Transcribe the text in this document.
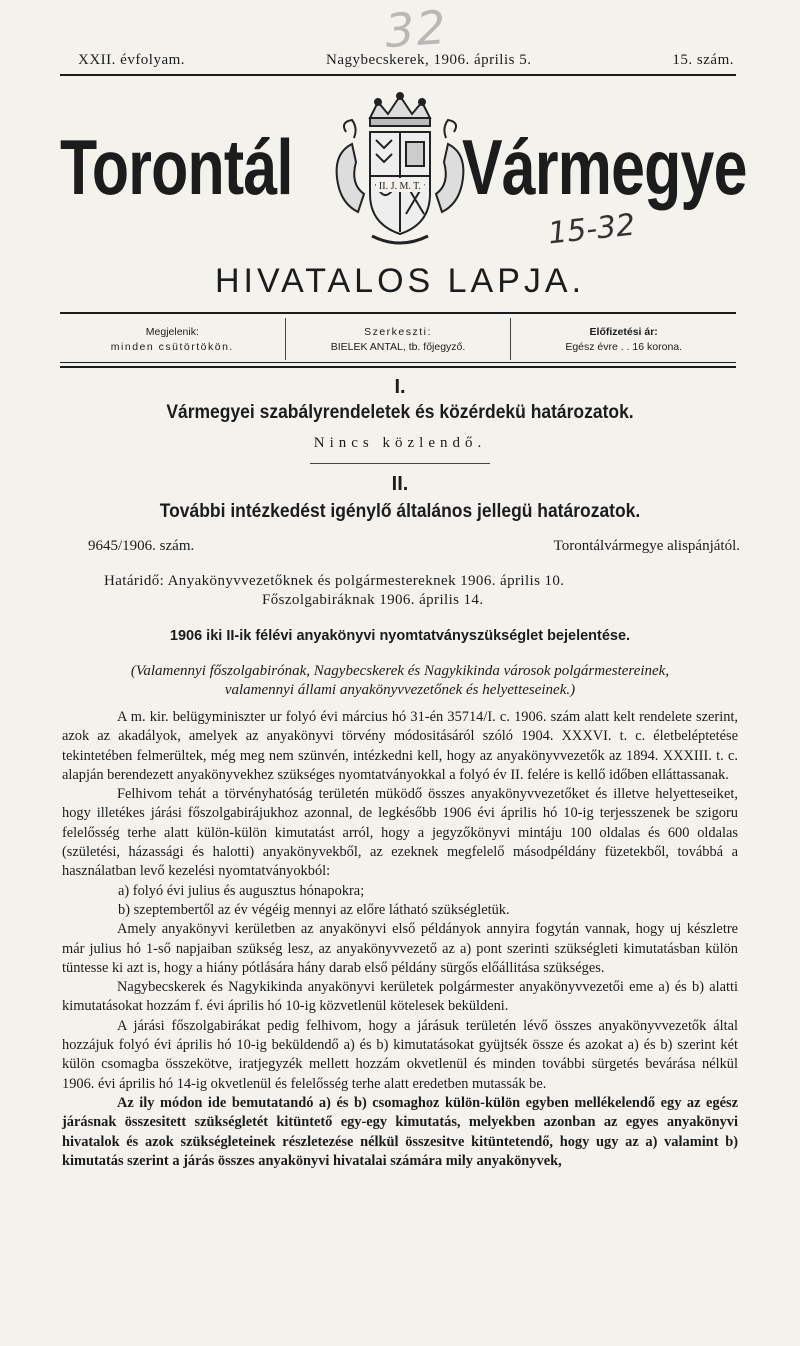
32
XXII. évfolyam.	Nagybecskerek, 1906. április 5.	15. szám.
Torontál	II. J. M. T. Vármegye
15-32
HIVATALOS LAPJA.
Megjelenik:
minden csütörtökön.
Szerkeszti:
BIELEK ANTAL, tb. főjegyző.
Előfizetési ár:
Egész évre . . 16 korona.
I.
Vármegyei szabályrendeletek és közérdekü határozatok.
Nincs közlendő.
II.
További intézkedést igénylő általános jellegü határozatok.
9645/1906. szám.	Torontálvármegye alispánjától.
Határidő: Anyakönyvvezetőknek és polgármestereknek 1906. április 10.
Főszolgabiráknak 1906. április 14.
1906 iki II-ik félévi anyakönyvi nyomtatványszükséglet bejelentése.
(Valamennyi főszolgabirónak, Nagybecskerek és Nagykikinda városok polgármestereinek,
valamennyi állami anyakönyvvezetőnek és helyetteseinek.)

A m. kir. belügyminiszter ur folyó évi március hó 31-én 35714/I. c. 1906. szám alatt kelt rendelete szerint, azok az akadályok, amelyek az anyakönyvi törvény módositásáról szóló 1904. XXXVI. t. c. életbeléptetése tekintetében felmerültek, még meg nem szünvén, intézkedni kell, hogy az anyakönyvvezetők az 1894. XXXIII. t. c. alapján berendezett anyakönyvekhez szükséges nyomtatványokkal a folyó év II. felére is kellő időben elláttassanak.

Felhivom tehát a törvényhatóság területén müködő összes anyakönyvvezetőket és illetve helyetteseiket, hogy illetékes járási főszolgabirájukhoz azonnal, de legkésőbb 1906 évi április hó 10-ig terjesszenek be szigoru felelősség terhe alatt külön-külön kimutatást arról, hogy a jegyzőkönyvi mintáju 100 oldalas és 600 oldalas (születési, házassági és halotti) anyakönyvekből, az ezeknek megfelelő másodpéldány füzetekből, továbbá a használatban levő kezelési nyomtatványokból:

a) folyó évi julius és augusztus hónapokra;

b) szeptembertől az év végéig mennyi az előre látható szükségletük.

Amely anyakönyvi kerületben az anyakönyvi első példányok annyira fogytán vannak, hogy uj készletre már julius hó 1-ső napjaiban szükség lesz, az anyakönyvvezető az a) pont szerinti szükségleti kimutatásban külön tüntesse ki azt is, hogy a hiány pótlására hány darab első példány sürgős előállitása szükséges.

Nagybecskerek és Nagykikinda anyakönyvi kerületek polgármester anyakönyvvezetői eme a) és b) alatti kimutatásokat hozzám f. évi április hó 10-ig közvetlenül kötelesek beküldeni.

A járási főszolgabirákat pedig felhivom, hogy a járásuk területén lévő összes anyakönyvvezetők által hozzájuk folyó évi április hó 10-ig beküldendő a) és b) kimutatásokat gyüjtsék össze és azokat a) és b) szerint két külön csomagba összekötve, iratjegyzék mellett hozzám okvetlenül és minden további sürgetés bevárása nélkül 1906. évi április hó 14-ig okvetlenül és felelősség terhe alatt eredetben mutassák be.

Az ily módon ide bemutatandó a) és b) csomaghoz külön-külön egyben mellékelendő egy az egész járásnak összesitett szükségletét kitüntető egy-egy kimutatás, melyekben azonban az egyes anyakönyvi hivatalok és azok szükségleteinek részletezése nélkül összesitve kitüntetendő, hogy ugy az a) valamint b) kimutatás szerint a járás összes anyakönyvi hivatalai számára mily anyakönyvek,
